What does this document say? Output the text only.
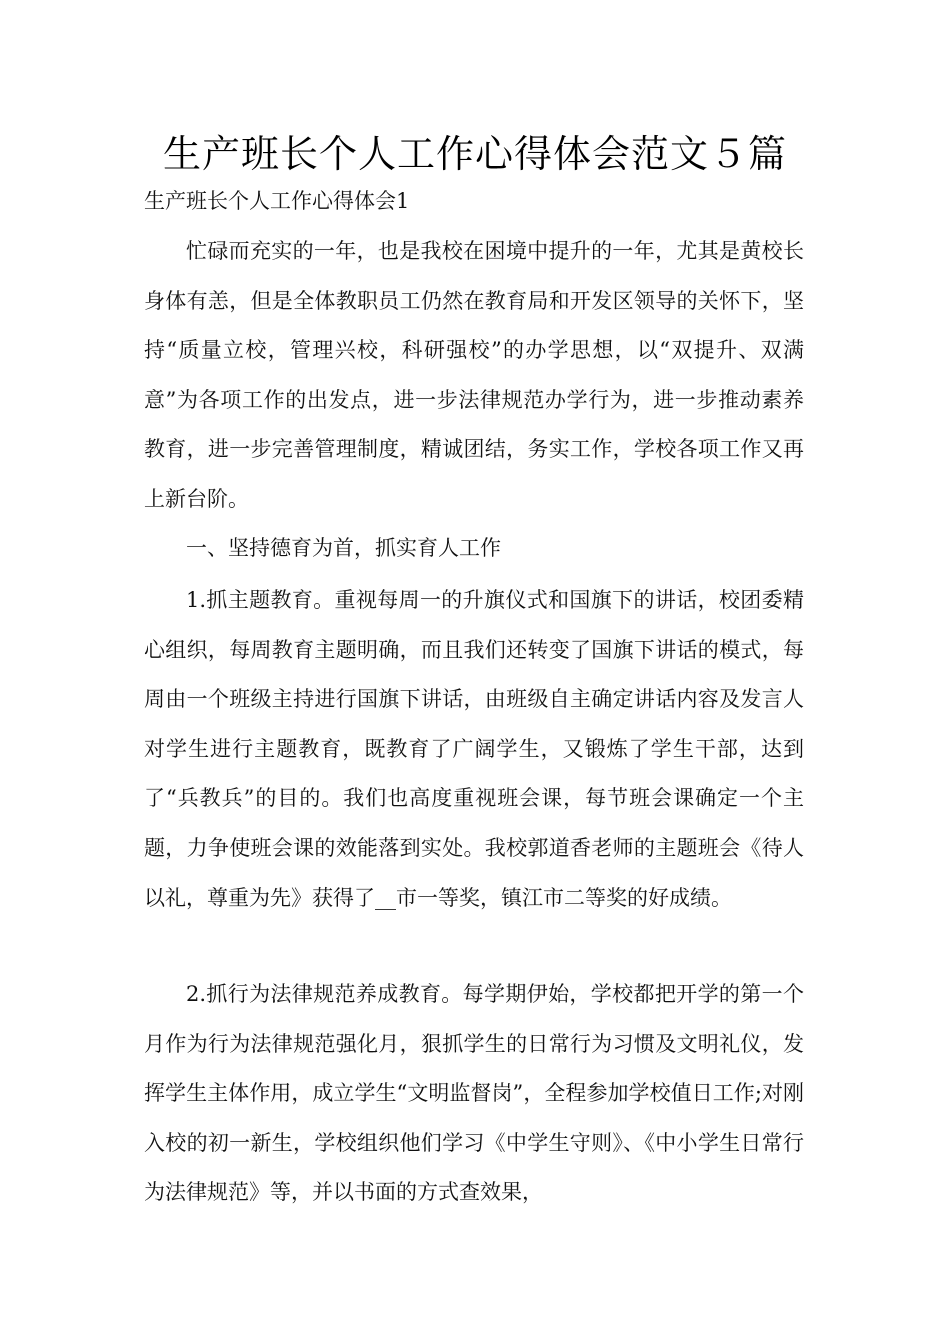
生产班长个人工作心得体会范文５篇
生产班长个人工作心得体会1

忙碌而充实的一年，也是我校在困境中提升的一年，尤其是黄校长身体有恙，但是全体教职员工仍然在教育局和开发区领导的关怀下，坚持“质量立校，管理兴校，科研强校”的办学思想，以“双提升、双满意”为各项工作的出发点，进一步法律规范办学行为，进一步推动素养教育，进一步完善管理制度，精诚团结，务实工作，学校各项工作又再上新台阶。

一、坚持德育为首，抓实育人工作

1.抓主题教育。重视每周一的升旗仪式和国旗下的讲话，校团委精心组织，每周教育主题明确，而且我们还转变了国旗下讲话的模式，每周由一个班级主持进行国旗下讲话，由班级自主确定讲话内容及发言人对学生进行主题教育，既教育了广阔学生，又锻炼了学生干部，达到了“兵教兵”的目的。我们也高度重视班会课，每节班会课确定一个主题，力争使班会课的效能落到实处。我校郭道香老师的主题班会《待人以礼，尊重为先》获得了__市一等奖，镇江市二等奖的好成绩。

2.抓行为法律规范养成教育。每学期伊始，学校都把开学的第一个月作为行为法律规范强化月，狠抓学生的日常行为习惯及文明礼仪，发挥学生主体作用，成立学生“文明监督岗”，全程参加学校值日工作;对刚入校的初一新生，学校组织他们学习《中学生守则》、《中小学生日常行为法律规范》等，并以书面的方式查效果，
